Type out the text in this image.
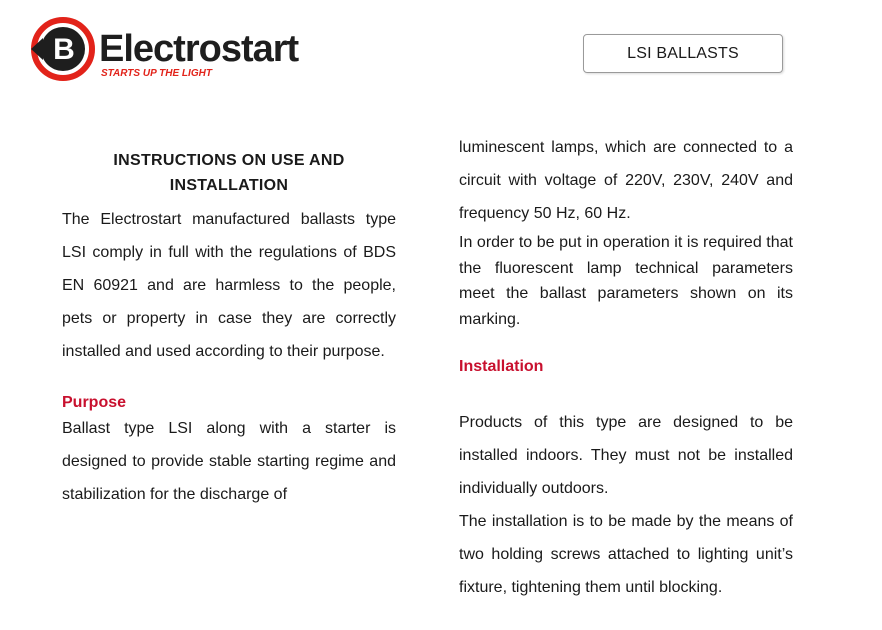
B Electrostart
STARTS UP THE LIGHT
LSI BALLASTS

INSTRUCTIONS ON USE AND INSTALLATION

The Electrostart manufactured ballasts type LSI comply in full with the regulations of BDS EN 60921 and are harmless to the people, pets or property in case they are correctly installed and used according to their purpose.

Purpose

Ballast type LSI along with a starter is designed to provide stable starting regime and stabilization for the discharge of

luminescent lamps, which are connected to a circuit with voltage of 220V, 230V, 240V and frequency 50 Hz, 60 Hz.

In order to be put in operation it is required that the fluorescent lamp technical parameters meet the ballast parameters shown on its marking.

Installation

Products of this type are designed to be installed indoors. They must not be installed individually outdoors.

The installation is to be made by the means of two holding screws attached to lighting unit’s fixture, tightening them until blocking.
